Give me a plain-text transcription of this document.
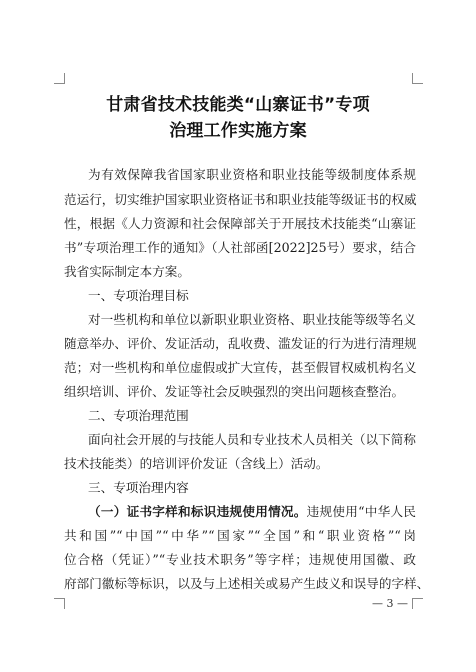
甘肃省技术技能类“山寨证书”专项
治理工作实施方案
为有效保障我省国家职业资格和职业技能等级制度体系规
范运行，切实维护国家职业资格证书和职业技能等级证书的权威
性，根据《人力资源和社会保障部关于开展技术技能类“山寨证
书”专项治理工作的通知》（人社部函[2022]25号）要求，结合
我省实际制定本方案。
一、专项治理目标
对一些机构和单位以新职业职业资格、职业技能等级等名义
随意举办、评价、发证活动，乱收费、滥发证的行为进行清理规
范；对一些机构和单位虚假或扩大宣传，甚至假冒权威机构名义
组织培训、评价、发证等社会反映强烈的突出问题核查整治。
二、专项治理范围
面向社会开展的与技能人员和专业技术人员相关（以下简称
技术技能类）的培训评价发证（含线上）活动。
三、专项治理内容
（一）证书字样和标识违规使用情况。违规使用“中华人民
共和国”“中国”“中华”“国家”“全国”和“职业资格”“岗
位合格（凭证）”“专业技术职务”等字样；违规使用国徽、政
府部门徽标等标识，以及与上述相关或易产生歧义和误导的字样、
— 3 —
